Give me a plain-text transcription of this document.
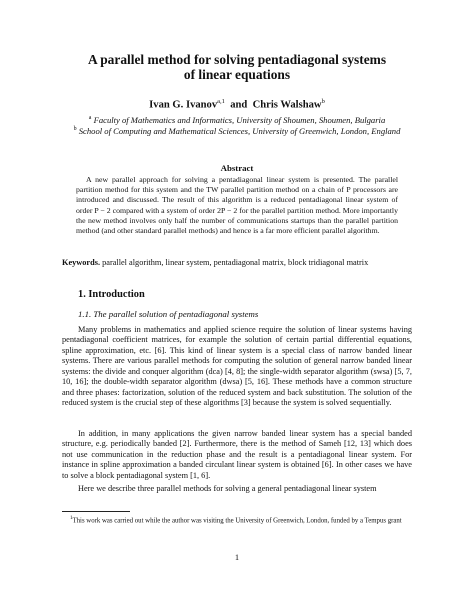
A parallel method for solving pentadiagonal systems
of linear equations
Ivan G. Ivanov$^{a,1}$ and Chris Walshaw$^b$
$^a$ Faculty of Mathematics and Informatics, University of Shoumen, Shoumen, Bulgaria
$^b$ School of Computing and Mathematical Sciences, University of Greenwich, London, England
Abstract
A new parallel approach for solving a pentadiagonal linear system is presented. The parallel partition method for this system and the TW parallel partition method on a chain of P processors are introduced and discussed. The result of this algorithm is a reduced pentadiagonal linear system of order P − 2 compared with a system of order 2P − 2 for the parallel partition method. More importantly the new method involves only half the number of communications startups than the parallel partition method (and other standard parallel methods) and hence is a far more efficient parallel algorithm.
Keywords. parallel algorithm, linear system, pentadiagonal matrix, block tridiagonal matrix
1. Introduction
1.1. The parallel solution of pentadiagonal systems
Many problems in mathematics and applied science require the solution of linear systems having pentadiagonal coefficient matrices, for example the solution of certain partial differential equations, spline approximation, etc. [6]. This kind of linear system is a special class of narrow banded linear systems. There are various parallel methods for computing the solution of general narrow banded linear systems: the divide and conquer algorithm (dca) [4, 8]; the single-width separator algorithm (swsa) [5, 7, 10, 16]; the double-width separator algorithm (dwsa) [5, 16]. These methods have a common structure and three phases: factorization, solution of the reduced system and back substitution. The solution of the reduced system is the crucial step of these algorithms [3] because the system is solved sequentially.
In addition, in many applications the given narrow banded linear system has a special banded structure, e.g. periodically banded [2]. Furthermore, there is the method of Sameh [12, 13] which does not use communication in the reduction phase and the result is a pentadiagonal linear system. For instance in spline approximation a banded circulant linear system is obtained [6]. In other cases we have to solve a block pentadiagonal system [1, 6].
Here we describe three parallel methods for solving a general pentadiagonal linear system
$^1$This work was carried out while the author was visiting the University of Greenwich, London, funded by a Tempus grant
1
